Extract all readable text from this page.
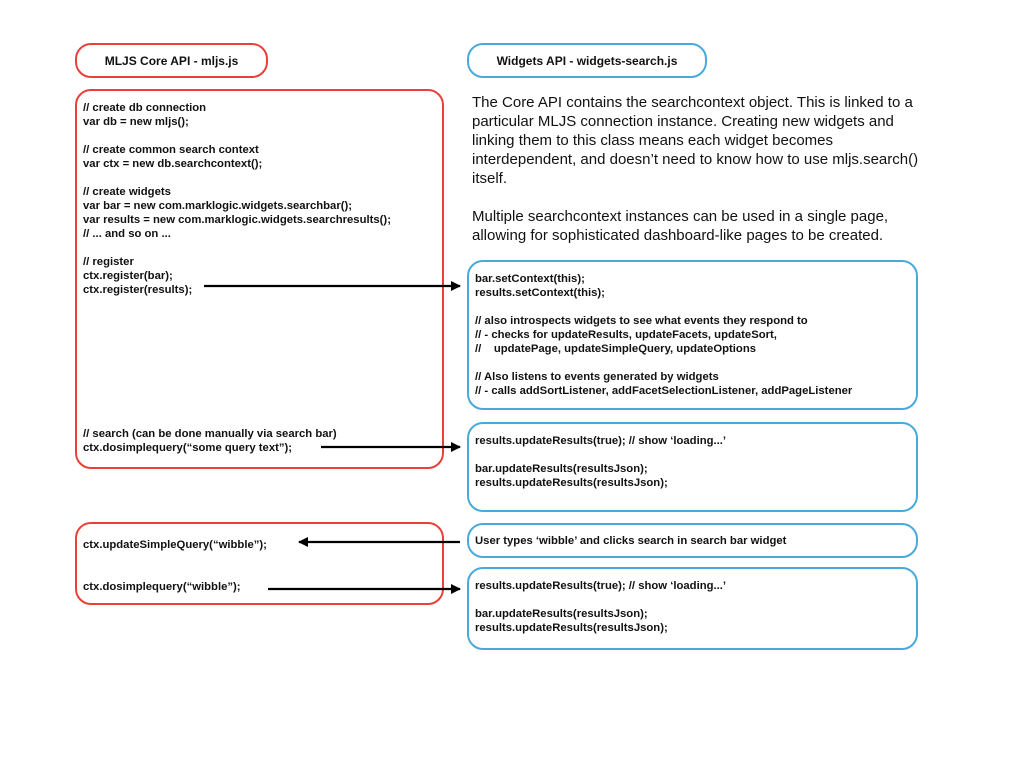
MLJS Core API - mljs.js	Widgets API - widgets-search.js

The Core API contains the searchcontext object. This is linked to a particular MLJS connection instance. Creating new widgets and linking them to this class means each widget becomes interdependent, and doesn’t need to know how to use mljs.search() itself.

Multiple searchcontext instances can be used in a single page, allowing for sophisticated dashboard-like pages to be created.

// create db connection
var db = new mljs();
// create common search context
var ctx = new db.searchcontext();
// create widgets
var bar = new com.marklogic.widgets.searchbar();
var results = new com.marklogic.widgets.searchresults();
// ... and so on ...
// register
ctx.register(bar);
ctx.register(results);
// search (can be done manually via search bar)
ctx.dosimplequery(“some query text”);
bar.setContext(this);
results.setContext(this);
// also introspects widgets to see what events they respond to
// - checks for updateResults, updateFacets, updateSort,
//    updatePage, updateSimpleQuery, updateOptions
// Also listens to events generated by widgets
// - calls addSortListener, addFacetSelectionListener, addPageListener
results.updateResults(true); // show ‘loading...’
bar.updateResults(resultsJson);
results.updateResults(resultsJson);
ctx.updateSimpleQuery(“wibble”);
ctx.dosimplequery(“wibble”);
User types ‘wibble’ and clicks search in search bar widget
results.updateResults(true); // show ‘loading...’
bar.updateResults(resultsJson);
results.updateResults(resultsJson);
